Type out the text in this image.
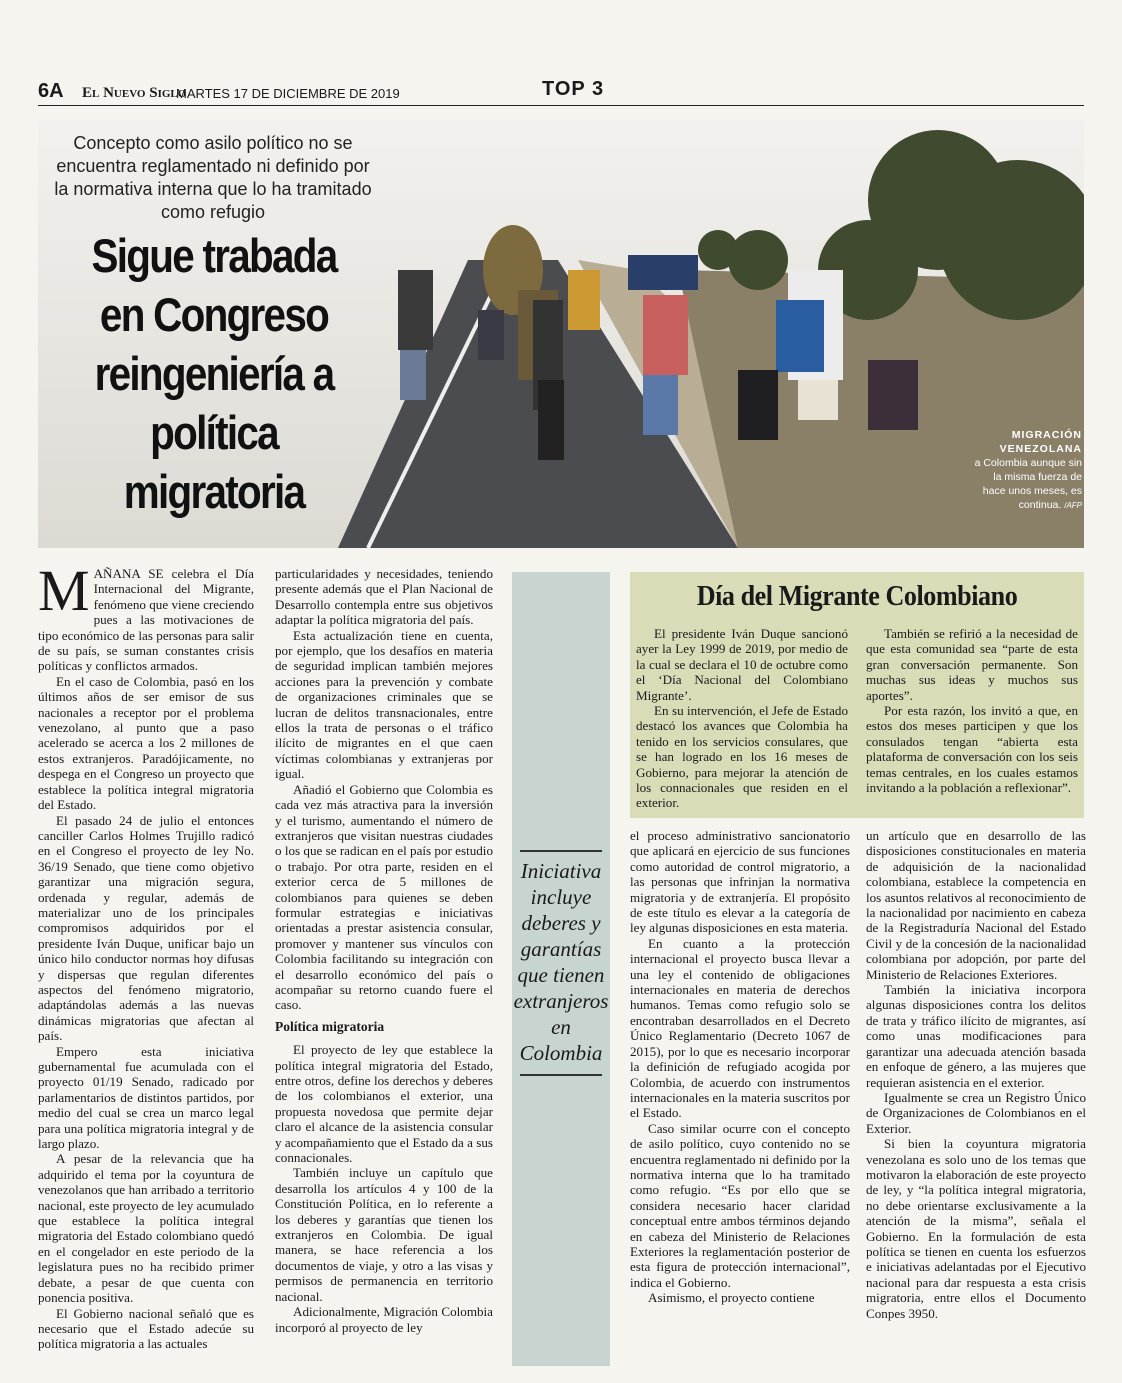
6A El Nuevo Siglo
MARTES 17 DE DICIEMBRE DE 2019	TOP 3
Concepto como asilo político no se encuentra reglamentado ni definido por la normativa interna que lo ha tramitado como refugio
Sigue trabada en Congreso reingeniería a política migratoria
MIGRACIÓN VENEZOLANA
a Colombia aunque sin la misma fuerza de hace unos meses, es continua. /AFP

MAÑANA SE celebra el Día Internacional del Migrante, fenómeno que viene creciendo pues a las motivaciones de tipo económico de las personas para salir de su país, se suman constantes crisis políticas y conflictos armados.

En el caso de Colombia, pasó en los últimos años de ser emisor de sus nacionales a receptor por el problema venezolano, al punto que a paso acelerado se acerca a los 2 millones de estos extranjeros. Paradójicamente, no despega en el Congreso un proyecto que establece la política integral migratoria del Estado.

El pasado 24 de julio el entonces canciller Carlos Holmes Trujillo radicó en el Congreso el proyecto de ley No. 36/19 Senado, que tiene como objetivo garantizar una migración segura, ordenada y regular, además de materializar uno de los principales compromisos adquiridos por el presidente Iván Duque, unificar bajo un único hilo conductor normas hoy difusas y dispersas que regulan diferentes aspectos del fenómeno migratorio, adaptándolas además a las nuevas dinámicas migratorias que afectan al país.

Empero esta iniciativa gubernamental fue acumulada con el proyecto 01/19 Senado, radicado por parlamentarios de distintos partidos, por medio del cual se crea un marco legal para una política migratoria integral y de largo plazo.

A pesar de la relevancia que ha adquirido el tema por la coyuntura de venezolanos que han arribado a territorio nacional, este proyecto de ley acumulado que establece la política integral migratoria del Estado colombiano quedó en el congelador en este periodo de la legislatura pues no ha recibido primer debate, a pesar de que cuenta con ponencia positiva.

El Gobierno nacional señaló que es necesario que el Estado adecúe su política migratoria a las actuales

particularidades y necesidades, teniendo presente además que el Plan Nacional de Desarrollo contempla entre sus objetivos adaptar la política migratoria del país.

Esta actualización tiene en cuenta, por ejemplo, que los desafíos en materia de seguridad implican también mejores acciones para la prevención y combate de organizaciones criminales que se lucran de delitos transnacionales, entre ellos la trata de personas o el tráfico ilícito de migrantes en el que caen víctimas colombianas y extranjeras por igual.

Añadió el Gobierno que Colombia es cada vez más atractiva para la inversión y el turismo, aumentando el número de extranjeros que visitan nuestras ciudades o los que se radican en el país por estudio o trabajo. Por otra parte, residen en el exterior cerca de 5 millones de colombianos para quienes se deben formular estrategias e iniciativas orientadas a prestar asistencia consular, promover y mantener sus vínculos con Colombia facilitando su integración con el desarrollo económico del país o acompañar su retorno cuando fuere el caso.

Política migratoria

El proyecto de ley que establece la política integral migratoria del Estado, entre otros, define los derechos y deberes de los colombianos el exterior, una propuesta novedosa que permite dejar claro el alcance de la asistencia consular y acompañamiento que el Estado da a sus connacionales.

También incluye un capítulo que desarrolla los artículos 4 y 100 de la Constitución Política, en lo referente a los deberes y garantías que tienen los extranjeros en Colombia. De igual manera, se hace referencia a los documentos de viaje, y otro a las visas y permisos de permanencia en territorio nacional.

Adicionalmente, Migración Colombia incorporó al proyecto de ley

Iniciativa incluye deberes y garantías que tienen extranjeros en Colombia
Día del Migrante Colombiano

El presidente Iván Duque sancionó ayer la Ley 1999 de 2019, por medio de la cual se declara el 10 de octubre como el ‘Día Nacional del Colombiano Migrante’.

En su intervención, el Jefe de Estado destacó los avances que Colombia ha tenido en los servicios consulares, que se han logrado en los 16 meses de Gobierno, para mejorar la atención de los connacionales que residen en el exterior.

También se refirió a la necesidad de que esta comunidad sea “parte de esta gran conversación permanente. Son muchas sus ideas y muchos sus aportes”.

Por esta razón, los invitó a que, en estos dos meses participen y que los consulados tengan “abierta esta plataforma de conversación con los seis temas centrales, en los cuales estamos invitando a la población a reflexionar”.

el proceso administrativo sancionatorio que aplicará en ejercicio de sus funciones como autoridad de control migratorio, a las personas que infrinjan la normativa migratoria y de extranjería. El propósito de este título es elevar a la categoría de ley algunas disposiciones en esta materia.

En cuanto a la protección internacional el proyecto busca llevar a una ley el contenido de obligaciones internacionales en materia de derechos humanos. Temas como refugio solo se encontraban desarrollados en el Decreto Único Reglamentario (Decreto 1067 de 2015), por lo que es necesario incorporar la definición de refugiado acogida por Colombia, de acuerdo con instrumentos internacionales en la materia suscritos por el Estado.

Caso similar ocurre con el concepto de asilo político, cuyo contenido no se encuentra reglamentado ni definido por la normativa interna que lo ha tramitado como refugio. “Es por ello que se considera necesario hacer claridad conceptual entre ambos términos dejando en cabeza del Ministerio de Relaciones Exteriores la reglamentación posterior de esta figura de protección internacional”, indica el Gobierno.

Asimismo, el proyecto contiene

un artículo que en desarrollo de las disposiciones constitucionales en materia de adquisición de la nacionalidad colombiana, establece la competencia en los asuntos relativos al reconocimiento de la nacionalidad por nacimiento en cabeza de la Registraduría Nacional del Estado Civil y de la concesión de la nacionalidad colombiana por adopción, por parte del Ministerio de Relaciones Exteriores.

También la iniciativa incorpora algunas disposiciones contra los delitos de trata y tráfico ilícito de migrantes, así como unas modificaciones para garantizar una adecuada atención basada en enfoque de género, a las mujeres que requieran asistencia en el exterior.

Igualmente se crea un Registro Único de Organizaciones de Colombianos en el Exterior.

Si bien la coyuntura migratoria venezolana es solo uno de los temas que motivaron la elaboración de este proyecto de ley, y “la política integral migratoria, no debe orientarse exclusivamente a la atención de la misma”, señala el Gobierno. En la formulación de esta política se tienen en cuenta los esfuerzos e iniciativas adelantadas por el Ejecutivo nacional para dar respuesta a esta crisis migratoria, entre ellos el Documento Conpes 3950.
